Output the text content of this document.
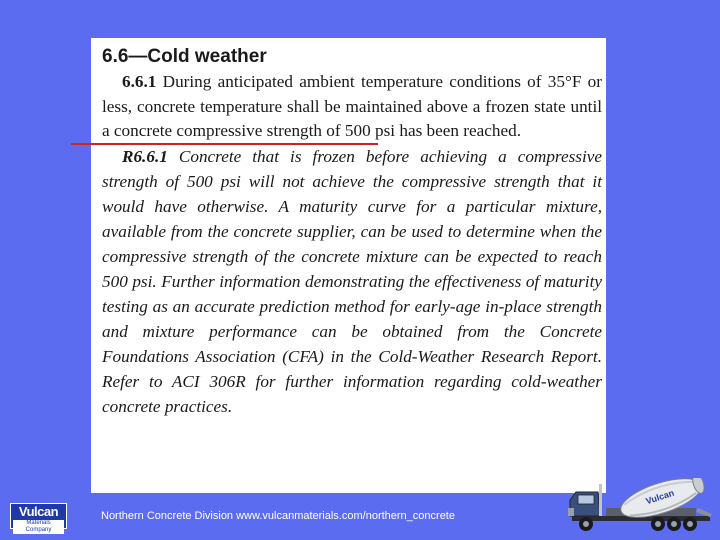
6.6—Cold weather

6.6.1 During anticipated ambient temperature conditions of 35°F or less, concrete temperature shall be maintained above a frozen state until a concrete compressive strength of 500 psi has been reached.

R6.6.1 Concrete that is frozen before achieving a compressive strength of 500 psi will not achieve the compressive strength that it would have otherwise. A maturity curve for a particular mixture, available from the concrete supplier, can be used to determine when the compressive strength of the concrete mixture can be expected to reach 500 psi. Further information demonstrating the effectiveness of maturity testing as an accurate prediction method for early-age in-place strength and mixture performance can be obtained from the Concrete Foundations Association (CFA) in the Cold-Weather Research Report. Refer to ACI 306R for further information regarding cold-weather concrete practices.

Vulcan
Materials Company
Northern Concrete Division www.vulcanmaterials.com/northern_concrete
Vulcan
